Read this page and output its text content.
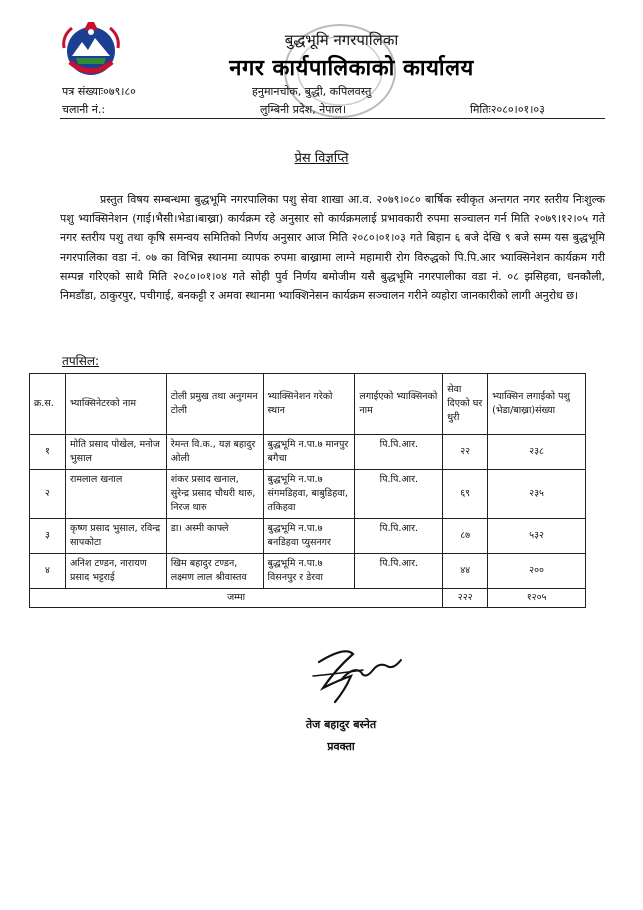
बुद्धभूमि नगरपालिका
नगर कार्यपालिकाको कार्यालय
पत्र संख्याः०७९।८०	हनुमानचोक, बुद्धी, कपिलवस्तु
लुम्बिनी प्रदेश, नेपाल।
चलानी नं.:	मितिः२०८०।०१।०३
प्रेस विज्ञप्ति

प्रस्तुत विषय सम्बन्धमा बुद्धभूमि नगरपालिका पशु सेवा शाखा आ.व. २०७९।०८० बार्षिक स्वीकृत अन्तगत नगर स्तरीय निःशुल्क पशु भ्याक्सिनेशन (गाई।भैसी।भेडा।बाख्रा) कार्यक्रम रहे अनुसार सो कार्यक्रमलाई प्रभावकारी रुपमा सञ्चालन गर्न मिति २०७९।१२।०५ गते नगर स्तरीय पशु तथा कृषि समन्वय समितिको निर्णय अनुसार आज मिति २०८०।०१।०३ गते बिहान ६ बजे देखि ९ बजे सम्म यस बुद्धभूमि नगरपालिका वडा नं. ०७ का विभिन्न स्थानमा व्यापक रुपमा बाख्रामा लाग्ने महामारी रोग विरुद्धको पि.पि.आर भ्याक्सिनेशन कार्यक्रम गरी सम्पन्न गरिएको साथै मिति २०८०।०१।०४ गते सोही पुर्व निर्णय बमोजीम यसै बुद्धभूमि नगरपालीका वडा नं. ०८ झसिहवा, धनकौली, निमडाँडा, ठाकुरपुर, पचीगाई, बनकट्टी र अमवा स्थानमा भ्याक्शिनेसन कार्यक्रम सञ्चालन गरीने व्यहोरा जानकारीको लागी अनुरोध छ।

तपसिल:
क्र.स.	भ्याक्सिनेटरको नाम	टोली प्रमुख तथा अनुगमन टोली	भ्याक्सिनेशन गरेको स्थान	लगाईएको भ्याक्सिनको नाम	सेवा दिएको घर धुरी	भ्याक्सिन लगाईको पशु (भेडा/बाख्रा)संख्या
१	मोति प्रसाद पोखेल, मनोज भुसाल	रेमन्त वि.क., यज्ञ बहादुर ओली	बुद्धभूमि न.पा.७ मानपुर बगैचा	पि.पि.आर.	२२	२३८
२	रामलाल खनाल	शंकर प्रसाद खनाल, सुरेन्द्र प्रसाद चौधरी थारु, निरज थारु	बुद्धभूमि न.पा.७ संगमडिहवा, बाबुडिहवा, तकिहवा	पि.पि.आर.	६९	२३५
३	कृष्ण प्रसाद भुसाल, रविन्द्र सापकोटा	डा। अस्मी काफ्ले	बुद्धभूमि न.पा.७ बनडिहवा प्युसनगर	पि.पि.आर.	८७	५३२
४	अनिश टण्डन, नारायण प्रसाद भट्टराई	खिम बहादुर टण्डन, लक्ष्मण लाल श्रीवास्तव	बुद्धभूमि न.पा.७ विसनपुर र डेरवा	पि.पि.आर.	४४	२००
जम्मा					२२२	१२०५
तेज बहादुर बस्नेत
प्रवक्ता
